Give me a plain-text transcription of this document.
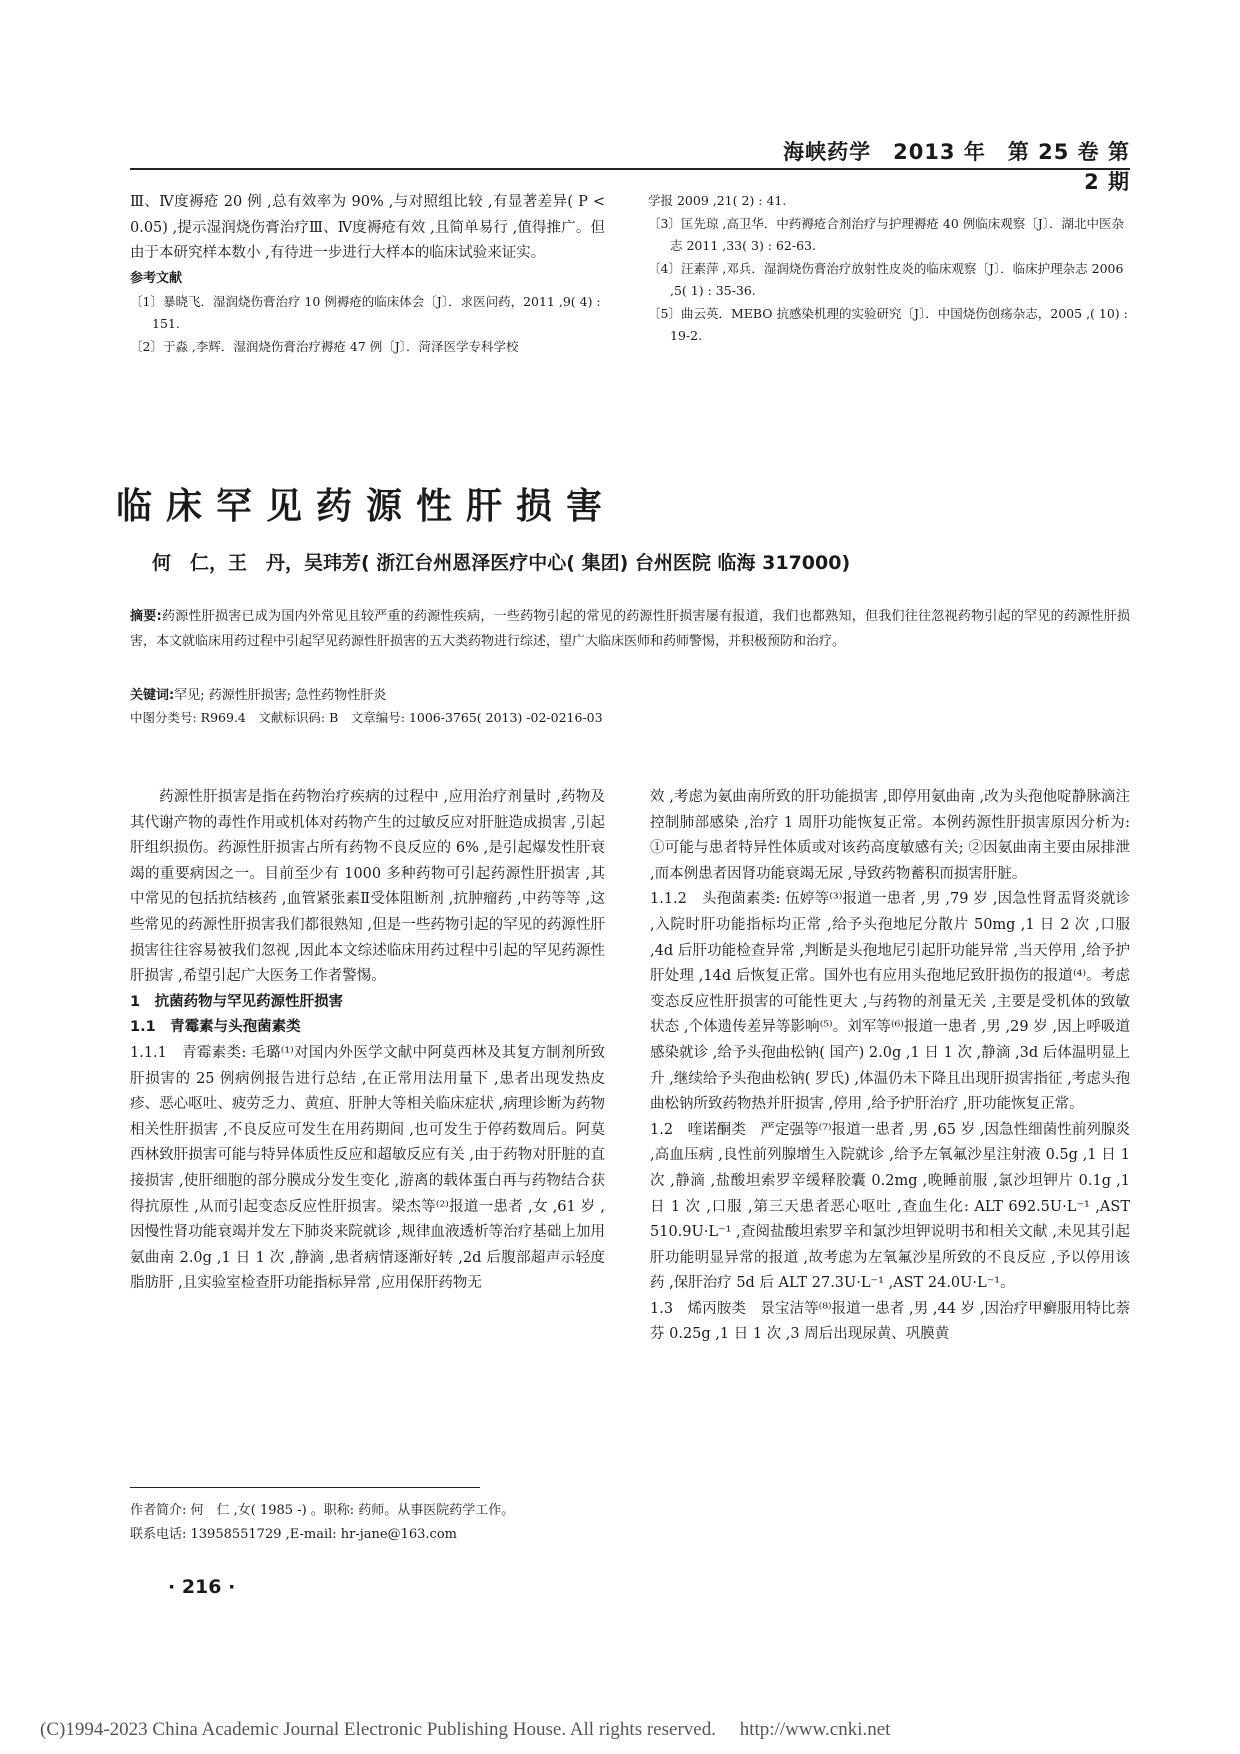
海峡药学　2013 年　第 25 卷 第 2 期

Ⅲ、Ⅳ度褥疮 20 例 ,总有效率为 90% ,与对照组比较 ,有显著差异( P < 0.05) ,提示湿润烧伤膏治疗Ⅲ、Ⅳ度褥疮有效 ,且简单易行 ,值得推广。但由于本研究样本数小 ,有待进一步进行大样本的临床试验来证实。

参考文献

〔1〕暴晓飞．湿润烧伤膏治疗 10 例褥疮的临床体会〔J〕．求医问药，2011 ,9( 4) : 151.

〔2〕于淼 ,李辉．湿润烧伤膏治疗褥疮 47 例〔J〕．菏泽医学专科学校

学报 2009 ,21( 2) : 41.

〔3〕匡先琼 ,高卫华．中药褥疮合剂治疗与护理褥疮 40 例临床观察〔J〕．湖北中医杂志 2011 ,33( 3) : 62-63.

〔4〕汪素萍 ,邓兵．湿润烧伤膏治疗放射性皮炎的临床观察〔J〕．临床护理杂志 2006 ,5( 1) : 35-36.

〔5〕曲云英．MEBO 抗感染机理的实验研究〔J〕．中国烧伤创疡杂志，2005 ,( 10) : 19-2.

临床罕见药源性肝损害

何　仁，王　丹，吴玮芳( 浙江台州恩泽医疗中心( 集团) 台州医院 临海 317000)

摘要:药源性肝损害已成为国内外常见且较严重的药源性疾病，一些药物引起的常见的药源性肝损害屡有报道，我们也都熟知，但我们往往忽视药物引起的罕见的药源性肝损害，本文就临床用药过程中引起罕见药源性肝损害的五大类药物进行综述，望广大临床医师和药师警惕，并积极预防和治疗。

关键词:罕见; 药源性肝损害; 急性药物性肝炎

中图分类号: R969.4　文献标识码: B　文章编号: 1006-3765( 2013) -02-0216-03

药源性肝损害是指在药物治疗疾病的过程中 ,应用治疗剂量时 ,药物及其代谢产物的毒性作用或机体对药物产生的过敏反应对肝脏造成损害 ,引起肝组织损伤。药源性肝损害占所有药物不良反应的 6% ,是引起爆发性肝衰竭的重要病因之一。目前至少有 1000 多种药物可引起药源性肝损害 ,其中常见的包括抗结核药 ,血管紧张素Ⅱ受体阻断剂 ,抗肿瘤药 ,中药等等 ,这些常见的药源性肝损害我们都很熟知 ,但是一些药物引起的罕见的药源性肝损害往往容易被我们忽视 ,因此本文综述临床用药过程中引起的罕见药源性肝损害 ,希望引起广大医务工作者警惕。

1　抗菌药物与罕见药源性肝损害

1.1　青霉素与头孢菌素类

1.1.1　青霉素类: 毛璐⁽¹⁾对国内外医学文献中阿莫西林及其复方制剂所致肝损害的 25 例病例报告进行总结 ,在正常用法用量下 ,患者出现发热皮疹、恶心呕吐、疲劳乏力、黄疸、肝肿大等相关临床症状 ,病理诊断为药物相关性肝损害 ,不良反应可发生在用药期间 ,也可发生于停药数周后。阿莫西林致肝损害可能与特异体质性反应和超敏反应有关 ,由于药物对肝脏的直接损害 ,使肝细胞的部分膜成分发生变化 ,游离的载体蛋白再与药物结合获得抗原性 ,从而引起变态反应性肝损害。梁杰等⁽²⁾报道一患者 ,女 ,61 岁 ,因慢性肾功能衰竭并发左下肺炎来院就诊 ,规律血液透析等治疗基础上加用氨曲南 2.0g ,1 日 1 次 ,静滴 ,患者病情逐渐好转 ,2d 后腹部超声示轻度脂肪肝 ,且实验室检查肝功能指标异常 ,应用保肝药物无

效 ,考虑为氨曲南所致的肝功能损害 ,即停用氨曲南 ,改为头孢他啶静脉滴注控制肺部感染 ,治疗 1 周肝功能恢复正常。本例药源性肝损害原因分析为: ①可能与患者特异性体质或对该药高度敏感有关; ②因氨曲南主要由尿排泄 ,而本例患者因肾功能衰竭无尿 ,导致药物蓄积而损害肝脏。

1.1.2　头孢菌素类: 伍婷等⁽³⁾报道一患者 ,男 ,79 岁 ,因急性肾盂肾炎就诊 ,入院时肝功能指标均正常 ,给予头孢地尼分散片 50mg ,1 日 2 次 ,口服 ,4d 后肝功能检查异常 ,判断是头孢地尼引起肝功能异常 ,当天停用 ,给予护肝处理 ,14d 后恢复正常。国外也有应用头孢地尼致肝损伤的报道⁽⁴⁾。考虑变态反应性肝损害的可能性更大 ,与药物的剂量无关 ,主要是受机体的致敏状态 ,个体遗传差异等影响⁽⁵⁾。刘军等⁽⁶⁾报道一患者 ,男 ,29 岁 ,因上呼吸道感染就诊 ,给予头孢曲松钠( 国产) 2.0g ,1 日 1 次 ,静滴 ,3d 后体温明显上升 ,继续给予头孢曲松钠( 罗氏) ,体温仍未下降且出现肝损害指征 ,考虑头孢曲松钠所致药物热并肝损害 ,停用 ,给予护肝治疗 ,肝功能恢复正常。

1.2　喹诺酮类　严定强等⁽⁷⁾报道一患者 ,男 ,65 岁 ,因急性细菌性前列腺炎 ,高血压病 ,良性前列腺增生入院就诊 ,给予左氧氟沙星注射液 0.5g ,1 日 1 次 ,静滴 ,盐酸坦索罗辛缓释胶囊 0.2mg ,晚睡前服 ,氯沙坦钾片 0.1g ,1 日 1 次 ,口服 ,第三天患者恶心呕吐 ,查血生化: ALT 692.5U·L⁻¹ ,AST 510.9U·L⁻¹ ,查阅盐酸坦索罗辛和氯沙坦钾说明书和相关文献 ,未见其引起肝功能明显异常的报道 ,故考虑为左氧氟沙星所致的不良反应 ,予以停用该药 ,保肝治疗 5d 后 ALT 27.3U·L⁻¹ ,AST 24.0U·L⁻¹。

1.3　烯丙胺类　景宝洁等⁽⁸⁾报道一患者 ,男 ,44 岁 ,因治疗甲癣服用特比萘芬 0.25g ,1 日 1 次 ,3 周后出现尿黄、巩膜黄

作者简介: 何　仁 ,女( 1985 -) 。职称: 药师。从事医院药学工作。

联系电话: 13958551729 ,E-mail: hr-jane@163.com

· 216 ·

(C)1994-2023 China Academic Journal Electronic Publishing House. All rights reserved.　 http://www.cnki.net
